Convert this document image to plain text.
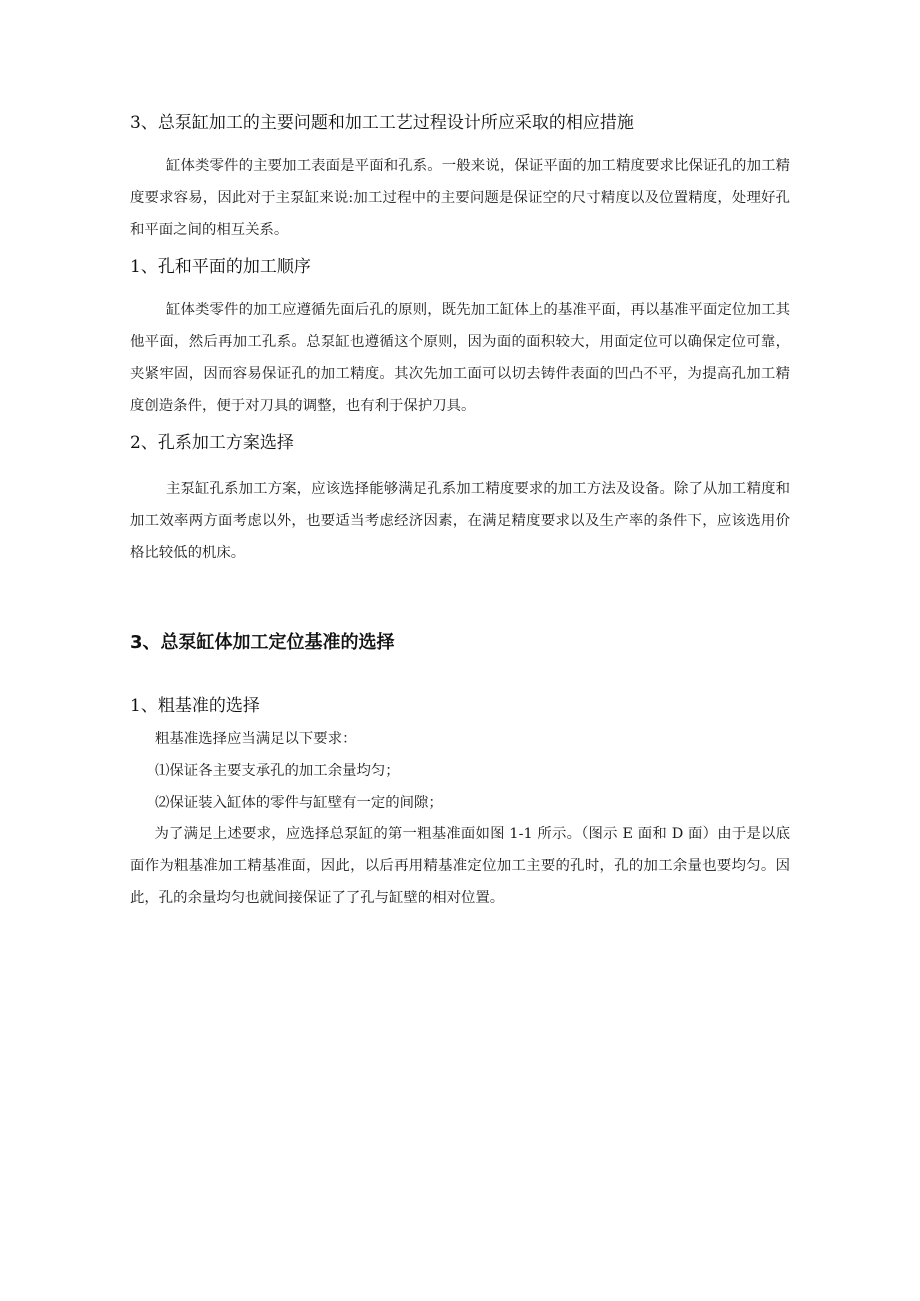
3、总泵缸加工的主要问题和加工工艺过程设计所应采取的相应措施
缸体类零件的主要加工表面是平面和孔系。一般来说，保证平面的加工精度要求比保证孔的加工精度要求容易，因此对于主泵缸来说:加工过程中的主要问题是保证空的尺寸精度以及位置精度，处理好孔和平面之间的相互关系。
1、孔和平面的加工顺序
缸体类零件的加工应遵循先面后孔的原则，既先加工缸体上的基准平面，再以基准平面定位加工其他平面，然后再加工孔系。总泵缸也遵循这个原则，因为面的面积较大，用面定位可以确保定位可靠，夹紧牢固，因而容易保证孔的加工精度。其次先加工面可以切去铸件表面的凹凸不平，为提高孔加工精度创造条件，便于对刀具的调整，也有利于保护刀具。
2、孔系加工方案选择
主泵缸孔系加工方案，应该选择能够满足孔系加工精度要求的加工方法及设备。除了从加工精度和加工效率两方面考虑以外，也要适当考虑经济因素，在满足精度要求以及生产率的条件下，应该选用价格比较低的机床。
3、总泵缸体加工定位基准的选择
1、粗基准的选择
粗基准选择应当满足以下要求：
⑴保证各主要支承孔的加工余量均匀；
⑵保证装入缸体的零件与缸壁有一定的间隙；
为了满足上述要求，应选择总泵缸的第一粗基准面如图 1-1 所示。（图示 E 面和 D 面）由于是以底面作为粗基准加工精基准面，因此，以后再用精基准定位加工主要的孔时，孔的加工余量也要均匀。因此，孔的余量均匀也就间接保证了了孔与缸壁的相对位置。
